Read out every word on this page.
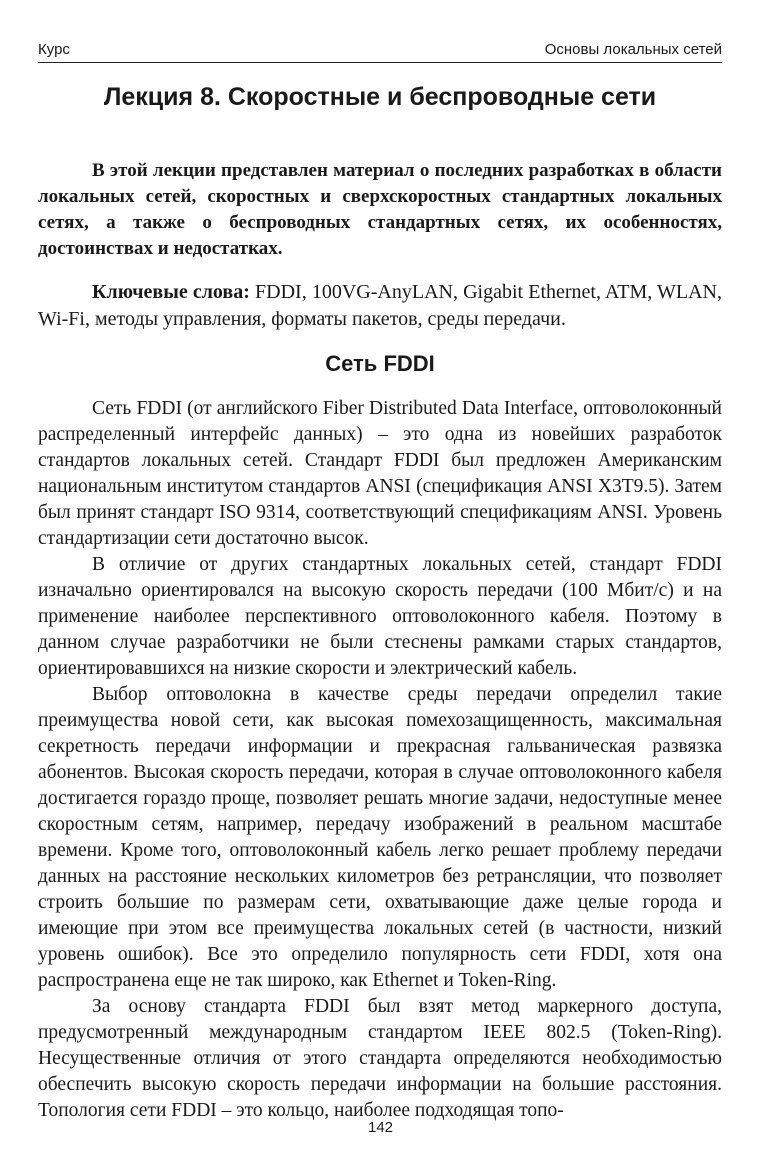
Курс	Основы локальных сетей
Лекция 8. Скоростные и беспроводные сети

В этой лекции представлен материал о последних разработках в области локальных сетей, скоростных и сверхскоростных стандартных локальных сетях, а также о беспроводных стандартных сетях, их особенностях, достоинствах и недостатках.

Ключевые слова: FDDI, 100VG-AnyLAN, Gigabit Ethernet, ATM, WLAN, Wi-Fi, методы управления, форматы пакетов, среды передачи.

Сеть FDDI

Сеть FDDI (от английского Fiber Distributed Data Interface, оптоволоконный распределенный интерфейс данных) – это одна из новейших разработок стандартов локальных сетей. Стандарт FDDI был предложен Американским национальным институтом стандартов ANSI (спецификация ANSI X3T9.5). Затем был принят стандарт ISO 9314, соответствующий спецификациям ANSI. Уровень стандартизации сети достаточно высок.

В отличие от других стандартных локальных сетей, стандарт FDDI изначально ориентировался на высокую скорость передачи (100 Мбит/с) и на применение наиболее перспективного оптоволоконного кабеля. Поэтому в данном случае разработчики не были стеснены рамками старых стандартов, ориентировавшихся на низкие скорости и электрический кабель.

Выбор оптоволокна в качестве среды передачи определил такие преимущества новой сети, как высокая помехозащищенность, максимальная секретность передачи информации и прекрасная гальваническая развязка абонентов. Высокая скорость передачи, которая в случае оптоволоконного кабеля достигается гораздо проще, позволяет решать многие задачи, недоступные менее скоростным сетям, например, передачу изображений в реальном масштабе времени. Кроме того, оптоволоконный кабель легко решает проблему передачи данных на расстояние нескольких километров без ретрансляции, что позволяет строить большие по размерам сети, охватывающие даже целые города и имеющие при этом все преимущества локальных сетей (в частности, низкий уровень ошибок). Все это определило популярность сети FDDI, хотя она распространена еще не так широко, как Ethernet и Token-Ring.

За основу стандарта FDDI был взят метод маркерного доступа, предусмотренный международным стандартом IEEE 802.5 (Token-Ring). Несущественные отличия от этого стандарта определяются необходимостью обеспечить высокую скорость передачи информации на большие расстояния. Топология сети FDDI – это кольцо, наиболее подходящая топо-

142
